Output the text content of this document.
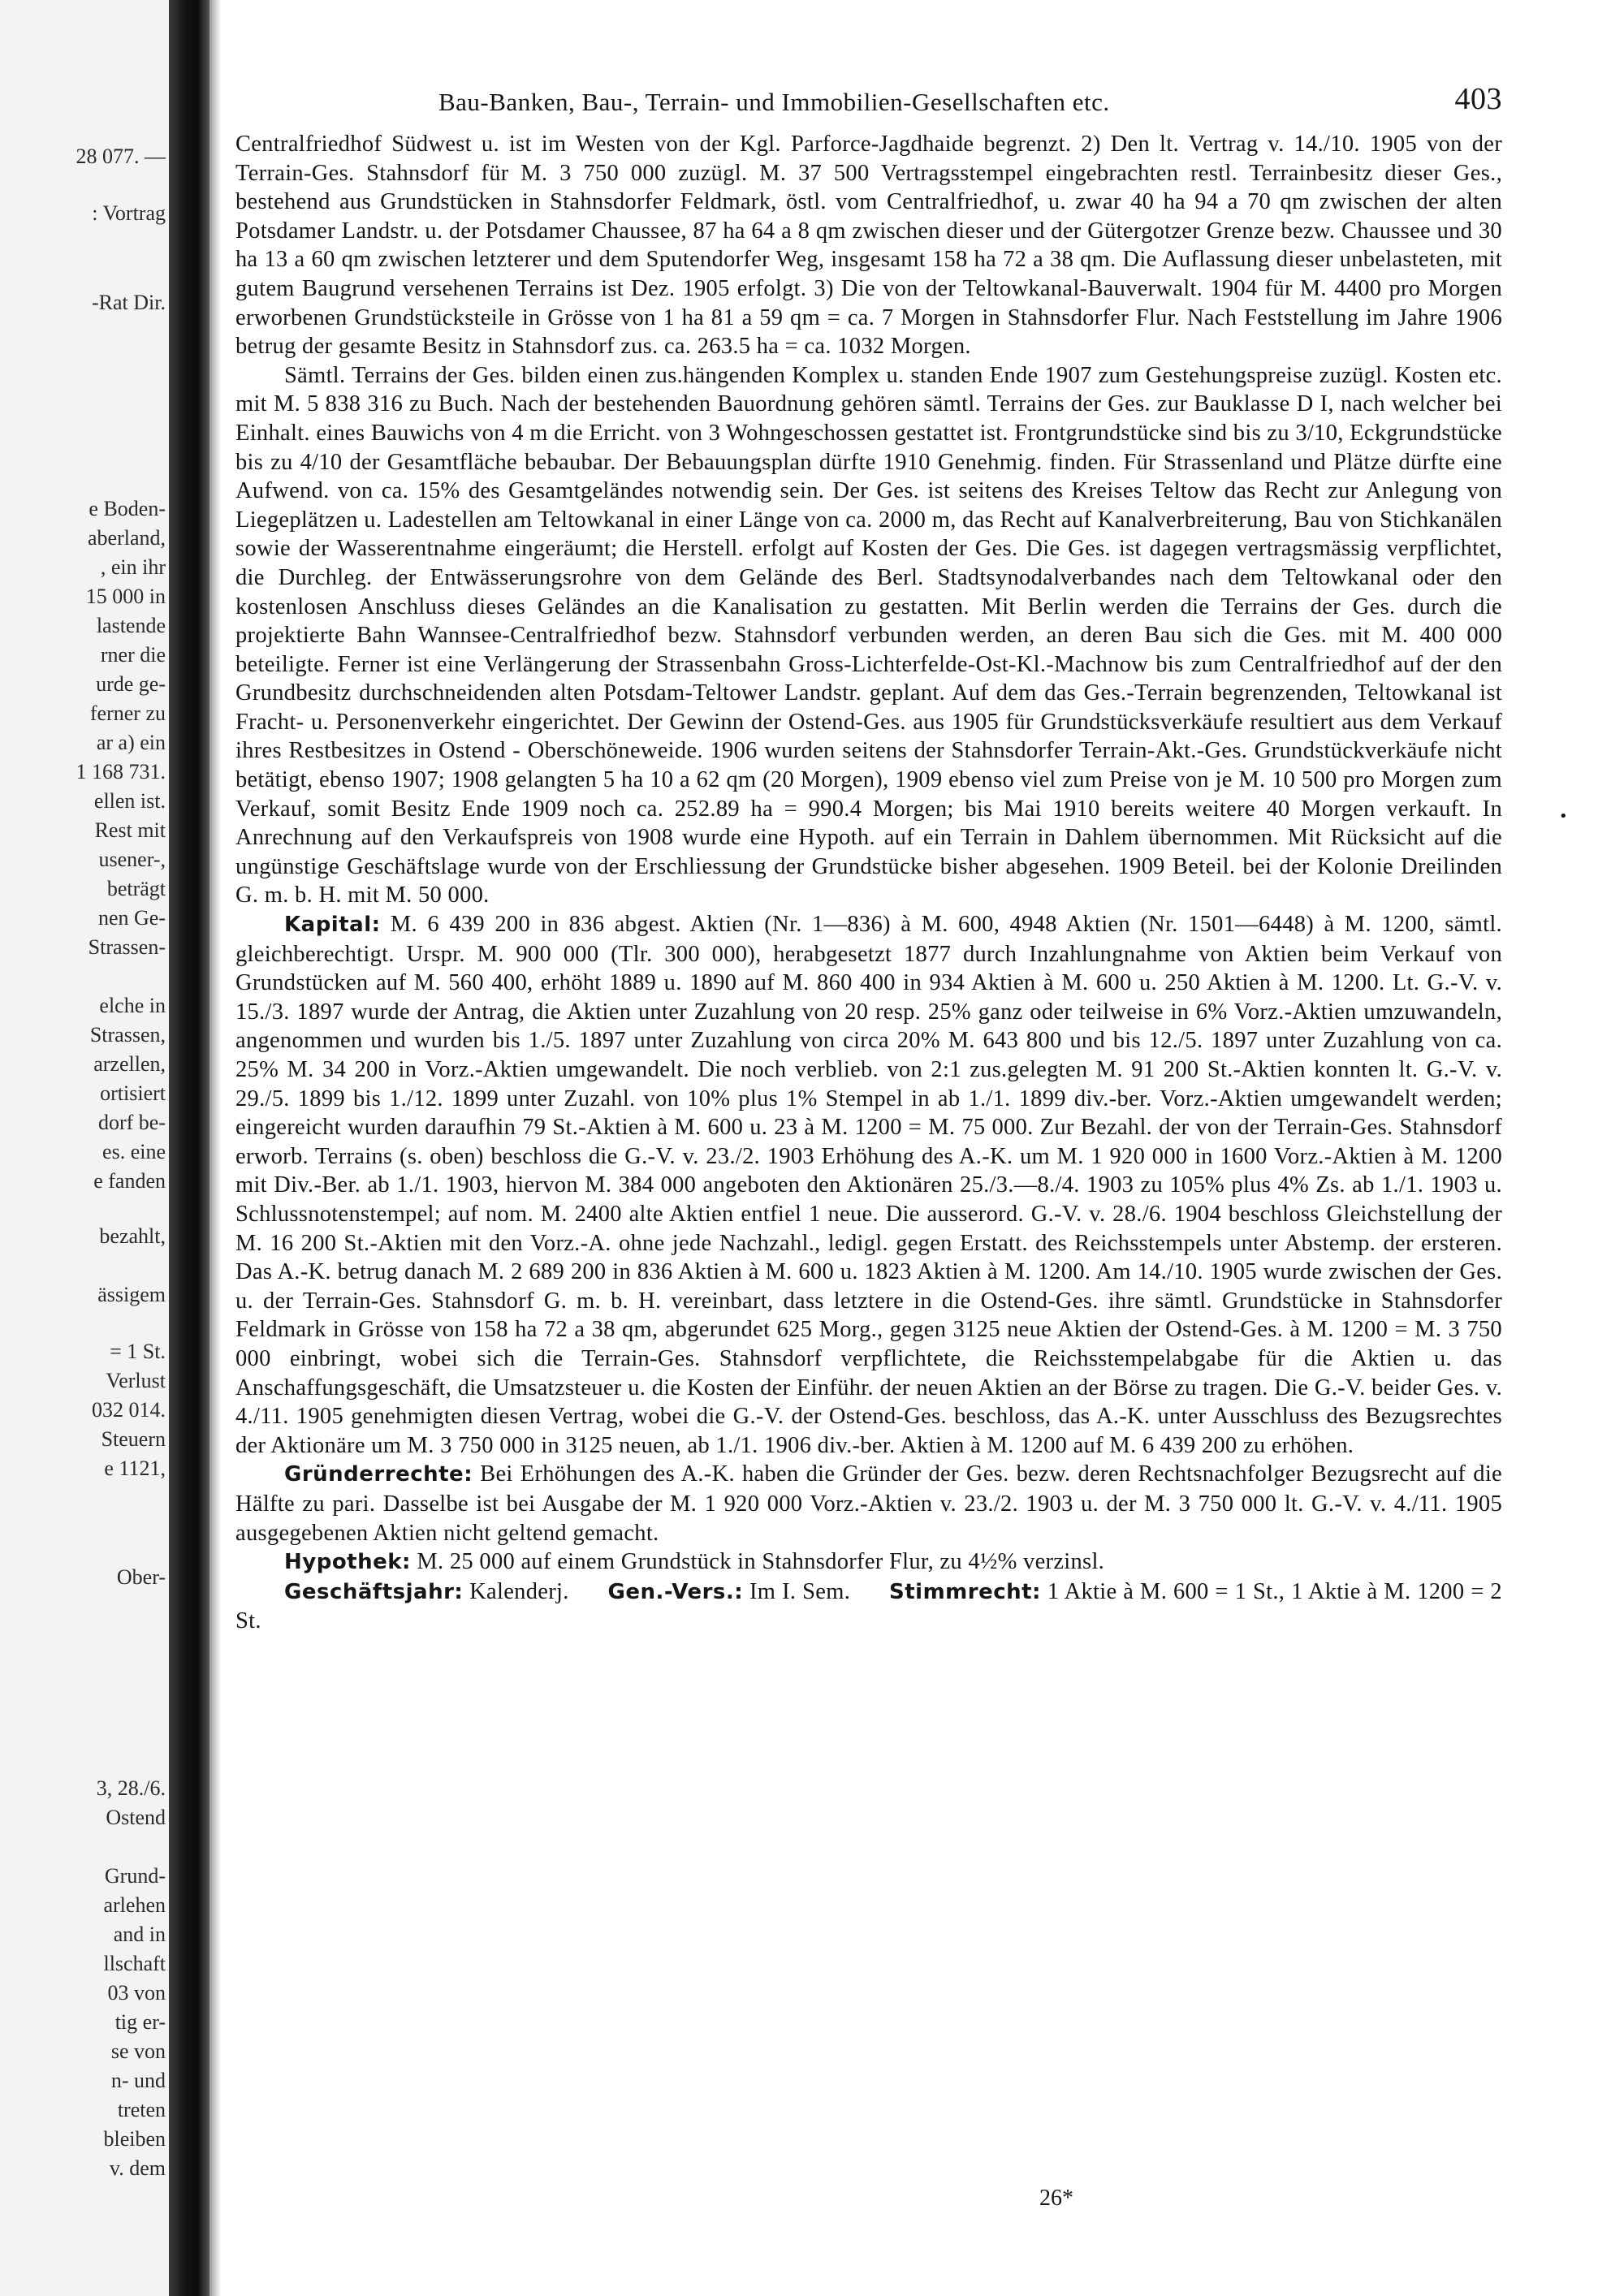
28 077. —
: Vortrag
-Rat Dir.
e Boden-
aberland,
, ein ihr
15 000 in
lastende
rner die
urde ge-
ferner zu
ar a) ein
1 168 731.
ellen ist.
Rest mit
usener-,
beträgt
nen Ge-
Strassen-
elche in
Strassen,
arzellen,
ortisiert
dorf be-
es. eine
e fanden
bezahlt,
ässigem
= 1 St.
Verlust
032 014.
Steuern
e 1121,
Ober-
3, 28./6.
Ostend
Grund-
arlehen
and in
llschaft
03 von
tig er-
se von
n- und
treten
bleiben
v. dem
Bau-Banken, Bau-, Terrain- und Immobilien-Gesellschaften etc.	403

Centralfriedhof Südwest u. ist im Westen von der Kgl. Parforce-Jagdhaide begrenzt. 2) Den lt. Vertrag v. 14./10. 1905 von der Terrain-Ges. Stahnsdorf für M. 3 750 000 zuzügl. M. 37 500 Vertragsstempel eingebrachten restl. Terrainbesitz dieser Ges., bestehend aus Grundstücken in Stahnsdorfer Feldmark, östl. vom Centralfriedhof, u. zwar 40 ha 94 a 70 qm zwischen der alten Potsdamer Landstr. u. der Potsdamer Chaussee, 87 ha 64 a 8 qm zwischen dieser und der Gütergotzer Grenze bezw. Chaussee und 30 ha 13 a 60 qm zwischen letzterer und dem Sputendorfer Weg, insgesamt 158 ha 72 a 38 qm. Die Auflassung dieser unbelasteten, mit gutem Baugrund versehenen Terrains ist Dez. 1905 erfolgt. 3) Die von der Teltowkanal-Bauverwalt. 1904 für M. 4400 pro Morgen erworbenen Grundstücksteile in Grösse von 1 ha 81 a 59 qm = ca. 7 Morgen in Stahnsdorfer Flur. Nach Feststellung im Jahre 1906 betrug der gesamte Besitz in Stahnsdorf zus. ca. 263.5 ha = ca. 1032 Morgen.

Sämtl. Terrains der Ges. bilden einen zus.hängenden Komplex u. standen Ende 1907 zum Gestehungspreise zuzügl. Kosten etc. mit M. 5 838 316 zu Buch. Nach der bestehenden Bauordnung gehören sämtl. Terrains der Ges. zur Bauklasse D I, nach welcher bei Einhalt. eines Bauwichs von 4 m die Erricht. von 3 Wohngeschossen gestattet ist. Frontgrundstücke sind bis zu 3/10, Eckgrundstücke bis zu 4/10 der Gesamtfläche bebaubar. Der Bebauungsplan dürfte 1910 Genehmig. finden. Für Strassenland und Plätze dürfte eine Aufwend. von ca. 15% des Gesamtgeländes notwendig sein. Der Ges. ist seitens des Kreises Teltow das Recht zur Anlegung von Liegeplätzen u. Ladestellen am Teltowkanal in einer Länge von ca. 2000 m, das Recht auf Kanalverbreiterung, Bau von Stichkanälen sowie der Wasserentnahme eingeräumt; die Herstell. erfolgt auf Kosten der Ges. Die Ges. ist dagegen vertragsmässig verpflichtet, die Durchleg. der Entwässerungsrohre von dem Gelände des Berl. Stadtsynodalverbandes nach dem Teltowkanal oder den kostenlosen Anschluss dieses Geländes an die Kanalisation zu gestatten. Mit Berlin werden die Terrains der Ges. durch die projektierte Bahn Wannsee-Centralfriedhof bezw. Stahnsdorf verbunden werden, an deren Bau sich die Ges. mit M. 400 000 beteiligte. Ferner ist eine Verlängerung der Strassenbahn Gross-Lichterfelde-Ost-Kl.-Machnow bis zum Centralfriedhof auf der den Grundbesitz durchschneidenden alten Potsdam-Teltower Landstr. geplant. Auf dem das Ges.-Terrain begrenzenden, Teltowkanal ist Fracht- u. Personenverkehr eingerichtet. Der Gewinn der Ostend-Ges. aus 1905 für Grundstücksverkäufe resultiert aus dem Verkauf ihres Restbesitzes in Ostend - Oberschöneweide. 1906 wurden seitens der Stahnsdorfer Terrain-Akt.-Ges. Grundstückverkäufe nicht betätigt, ebenso 1907; 1908 gelangten 5 ha 10 a 62 qm (20 Morgen), 1909 ebenso viel zum Preise von je M. 10 500 pro Morgen zum Verkauf, somit Besitz Ende 1909 noch ca. 252.89 ha = 990.4 Morgen; bis Mai 1910 bereits weitere 40 Morgen verkauft. In Anrechnung auf den Verkaufspreis von 1908 wurde eine Hypoth. auf ein Terrain in Dahlem übernommen. Mit Rücksicht auf die ungünstige Geschäftslage wurde von der Erschliessung der Grundstücke bisher abgesehen. 1909 Beteil. bei der Kolonie Dreilinden G. m. b. H. mit M. 50 000.

Kapital: M. 6 439 200 in 836 abgest. Aktien (Nr. 1—836) à M. 600, 4948 Aktien (Nr. 1501—6448) à M. 1200, sämtl. gleichberechtigt. Urspr. M. 900 000 (Tlr. 300 000), herabgesetzt 1877 durch Inzahlungnahme von Aktien beim Verkauf von Grundstücken auf M. 560 400, erhöht 1889 u. 1890 auf M. 860 400 in 934 Aktien à M. 600 u. 250 Aktien à M. 1200. Lt. G.-V. v. 15./3. 1897 wurde der Antrag, die Aktien unter Zuzahlung von 20 resp. 25% ganz oder teilweise in 6% Vorz.-Aktien umzuwandeln, angenommen und wurden bis 1./5. 1897 unter Zuzahlung von circa 20% M. 643 800 und bis 12./5. 1897 unter Zuzahlung von ca. 25% M. 34 200 in Vorz.-Aktien umgewandelt. Die noch verblieb. von 2:1 zus.gelegten M. 91 200 St.-Aktien konnten lt. G.-V. v. 29./5. 1899 bis 1./12. 1899 unter Zuzahl. von 10% plus 1% Stempel in ab 1./1. 1899 div.-ber. Vorz.-Aktien umgewandelt werden; eingereicht wurden daraufhin 79 St.-Aktien à M. 600 u. 23 à M. 1200 = M. 75 000. Zur Bezahl. der von der Terrain-Ges. Stahnsdorf erworb. Terrains (s. oben) beschloss die G.-V. v. 23./2. 1903 Erhöhung des A.-K. um M. 1 920 000 in 1600 Vorz.-Aktien à M. 1200 mit Div.-Ber. ab 1./1. 1903, hiervon M. 384 000 angeboten den Aktionären 25./3.—8./4. 1903 zu 105% plus 4% Zs. ab 1./1. 1903 u. Schlussnotenstempel; auf nom. M. 2400 alte Aktien entfiel 1 neue. Die ausserord. G.-V. v. 28./6. 1904 beschloss Gleichstellung der M. 16 200 St.-Aktien mit den Vorz.-A. ohne jede Nachzahl., ledigl. gegen Erstatt. des Reichsstempels unter Abstemp. der ersteren. Das A.-K. betrug danach M. 2 689 200 in 836 Aktien à M. 600 u. 1823 Aktien à M. 1200. Am 14./10. 1905 wurde zwischen der Ges. u. der Terrain-Ges. Stahnsdorf G. m. b. H. vereinbart, dass letztere in die Ostend-Ges. ihre sämtl. Grundstücke in Stahnsdorfer Feldmark in Grösse von 158 ha 72 a 38 qm, abgerundet 625 Morg., gegen 3125 neue Aktien der Ostend-Ges. à M. 1200 = M. 3 750 000 einbringt, wobei sich die Terrain-Ges. Stahnsdorf verpflichtete, die Reichsstempelabgabe für die Aktien u. das Anschaffungsgeschäft, die Umsatzsteuer u. die Kosten der Einführ. der neuen Aktien an der Börse zu tragen. Die G.-V. beider Ges. v. 4./11. 1905 genehmigten diesen Vertrag, wobei die G.-V. der Ostend-Ges. beschloss, das A.-K. unter Ausschluss des Bezugsrechtes der Aktionäre um M. 3 750 000 in 3125 neuen, ab 1./1. 1906 div.-ber. Aktien à M. 1200 auf M. 6 439 200 zu erhöhen.

Gründerrechte: Bei Erhöhungen des A.-K. haben die Gründer der Ges. bezw. deren Rechtsnachfolger Bezugsrecht auf die Hälfte zu pari. Dasselbe ist bei Ausgabe der M. 1 920 000 Vorz.-Aktien v. 23./2. 1903 u. der M. 3 750 000 lt. G.-V. v. 4./11. 1905 ausgegebenen Aktien nicht geltend gemacht.

Hypothek: M. 25 000 auf einem Grundstück in Stahnsdorfer Flur, zu 4½% verzinsl.

Geschäftsjahr: Kalenderj. Gen.-Vers.: Im I. Sem. Stimmrecht: 1 Aktie à M. 600 = 1 St., 1 Aktie à M. 1200 = 2 St.

26*
•
